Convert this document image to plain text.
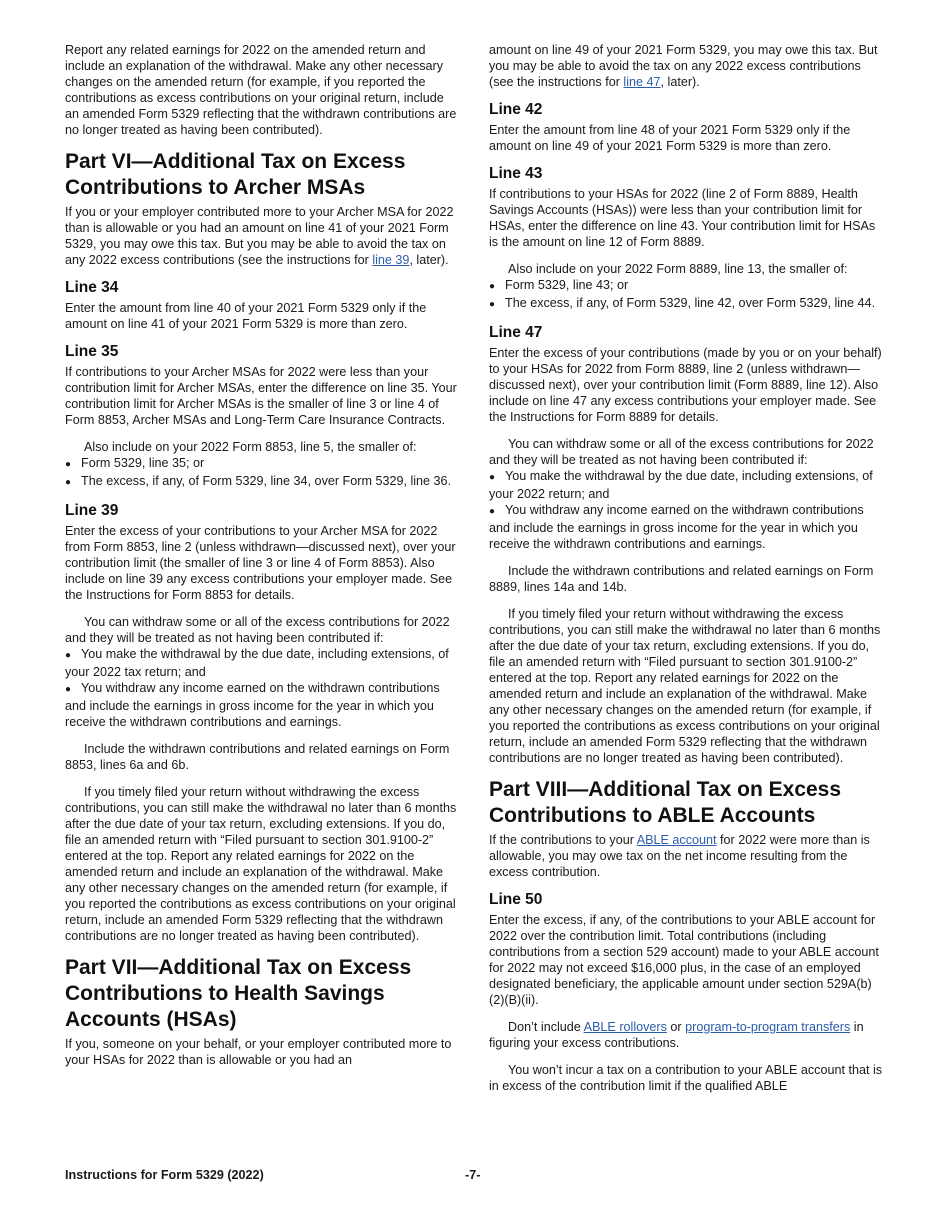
Report any related earnings for 2022 on the amended return and include an explanation of the withdrawal. Make any other necessary changes on the amended return (for example, if you reported the contributions as excess contributions on your original return, include an amended Form 5329 reflecting that the withdrawn contributions are no longer treated as having been contributed).

Part VI—Additional Tax on Excess Contributions to Archer MSAs

If you or your employer contributed more to your Archer MSA for 2022 than is allowable or you had an amount on line 41 of your 2021 Form 5329, you may owe this tax. But you may be able to avoid the tax on any 2022 excess contributions (see the instructions for line 39, later).

Line 34

Enter the amount from line 40 of your 2021 Form 5329 only if the amount on line 41 of your 2021 Form 5329 is more than zero.

Line 35

If contributions to your Archer MSAs for 2022 were less than your contribution limit for Archer MSAs, enter the difference on line 35. Your contribution limit for Archer MSAs is the smaller of line 3 or line 4 of Form 8853, Archer MSAs and Long-Term Care Insurance Contracts.

Also include on your 2022 Form 8853, line 5, the smaller of:

● Form 5329, line 35; or
● The excess, if any, of Form 5329, line 34, over Form 5329, line 36.
Line 39

Enter the excess of your contributions to your Archer MSA for 2022 from Form 8853, line 2 (unless withdrawn—discussed next), over your contribution limit (the smaller of line 3 or line 4 of Form 8853). Also include on line 39 any excess contributions your employer made. See the Instructions for Form 8853 for details.

You can withdraw some or all of the excess contributions for 2022 and they will be treated as not having been contributed if:

● You make the withdrawal by the due date, including extensions, of your 2022 tax return; and
● You withdraw any income earned on the withdrawn contributions and include the earnings in gross income for the year in which you receive the withdrawn contributions and earnings.

Include the withdrawn contributions and related earnings on Form 8853, lines 6a and 6b.

If you timely filed your return without withdrawing the excess contributions, you can still make the withdrawal no later than 6 months after the due date of your tax return, excluding extensions. If you do, file an amended return with “Filed pursuant to section 301.9100-2” entered at the top. Report any related earnings for 2022 on the amended return and include an explanation of the withdrawal. Make any other necessary changes on the amended return (for example, if you reported the contributions as excess contributions on your original return, include an amended Form 5329 reflecting that the withdrawn contributions are no longer treated as having been contributed).

Part VII—Additional Tax on Excess Contributions to Health Savings Accounts (HSAs)

If you, someone on your behalf, or your employer contributed more to your HSAs for 2022 than is allowable or you had an

amount on line 49 of your 2021 Form 5329, you may owe this tax. But you may be able to avoid the tax on any 2022 excess contributions (see the instructions for line 47, later).

Line 42

Enter the amount from line 48 of your 2021 Form 5329 only if the amount on line 49 of your 2021 Form 5329 is more than zero.

Line 43

If contributions to your HSAs for 2022 (line 2 of Form 8889, Health Savings Accounts (HSAs)) were less than your contribution limit for HSAs, enter the difference on line 43. Your contribution limit for HSAs is the amount on line 12 of Form 8889.

Also include on your 2022 Form 8889, line 13, the smaller of:

● Form 5329, line 43; or
● The excess, if any, of Form 5329, line 42, over Form 5329, line 44.
Line 47

Enter the excess of your contributions (made by you or on your behalf) to your HSAs for 2022 from Form 8889, line 2 (unless withdrawn—discussed next), over your contribution limit (Form 8889, line 12). Also include on line 47 any excess contributions your employer made. See the Instructions for Form 8889 for details.

You can withdraw some or all of the excess contributions for 2022 and they will be treated as not having been contributed if:

● You make the withdrawal by the due date, including extensions, of your 2022 return; and
● You withdraw any income earned on the withdrawn contributions and include the earnings in gross income for the year in which you receive the withdrawn contributions and earnings.

Include the withdrawn contributions and related earnings on Form 8889, lines 14a and 14b.

If you timely filed your return without withdrawing the excess contributions, you can still make the withdrawal no later than 6 months after the due date of your tax return, excluding extensions. If you do, file an amended return with “Filed pursuant to section 301.9100-2” entered at the top. Report any related earnings for 2022 on the amended return and include an explanation of the withdrawal. Make any other necessary changes on the amended return (for example, if you reported the contributions as excess contributions on your original return, include an amended Form 5329 reflecting that the withdrawn contributions are no longer treated as having been contributed).

Part VIII—Additional Tax on Excess Contributions to ABLE Accounts

If the contributions to your ABLE account for 2022 were more than is allowable, you may owe tax on the net income resulting from the excess contribution.

Line 50

Enter the excess, if any, of the contributions to your ABLE account for 2022 over the contribution limit. Total contributions (including contributions from a section 529 account) made to your ABLE account for 2022 may not exceed $16,000 plus, in the case of an employed designated beneficiary, the applicable amount under section 529A(b)(2)(B)(ii).

Don’t include ABLE rollovers or program-to-program transfers in figuring your excess contributions.

You won’t incur a tax on a contribution to your ABLE account that is in excess of the contribution limit if the qualified ABLE

Instructions for Form 5329 (2022)	-7-
